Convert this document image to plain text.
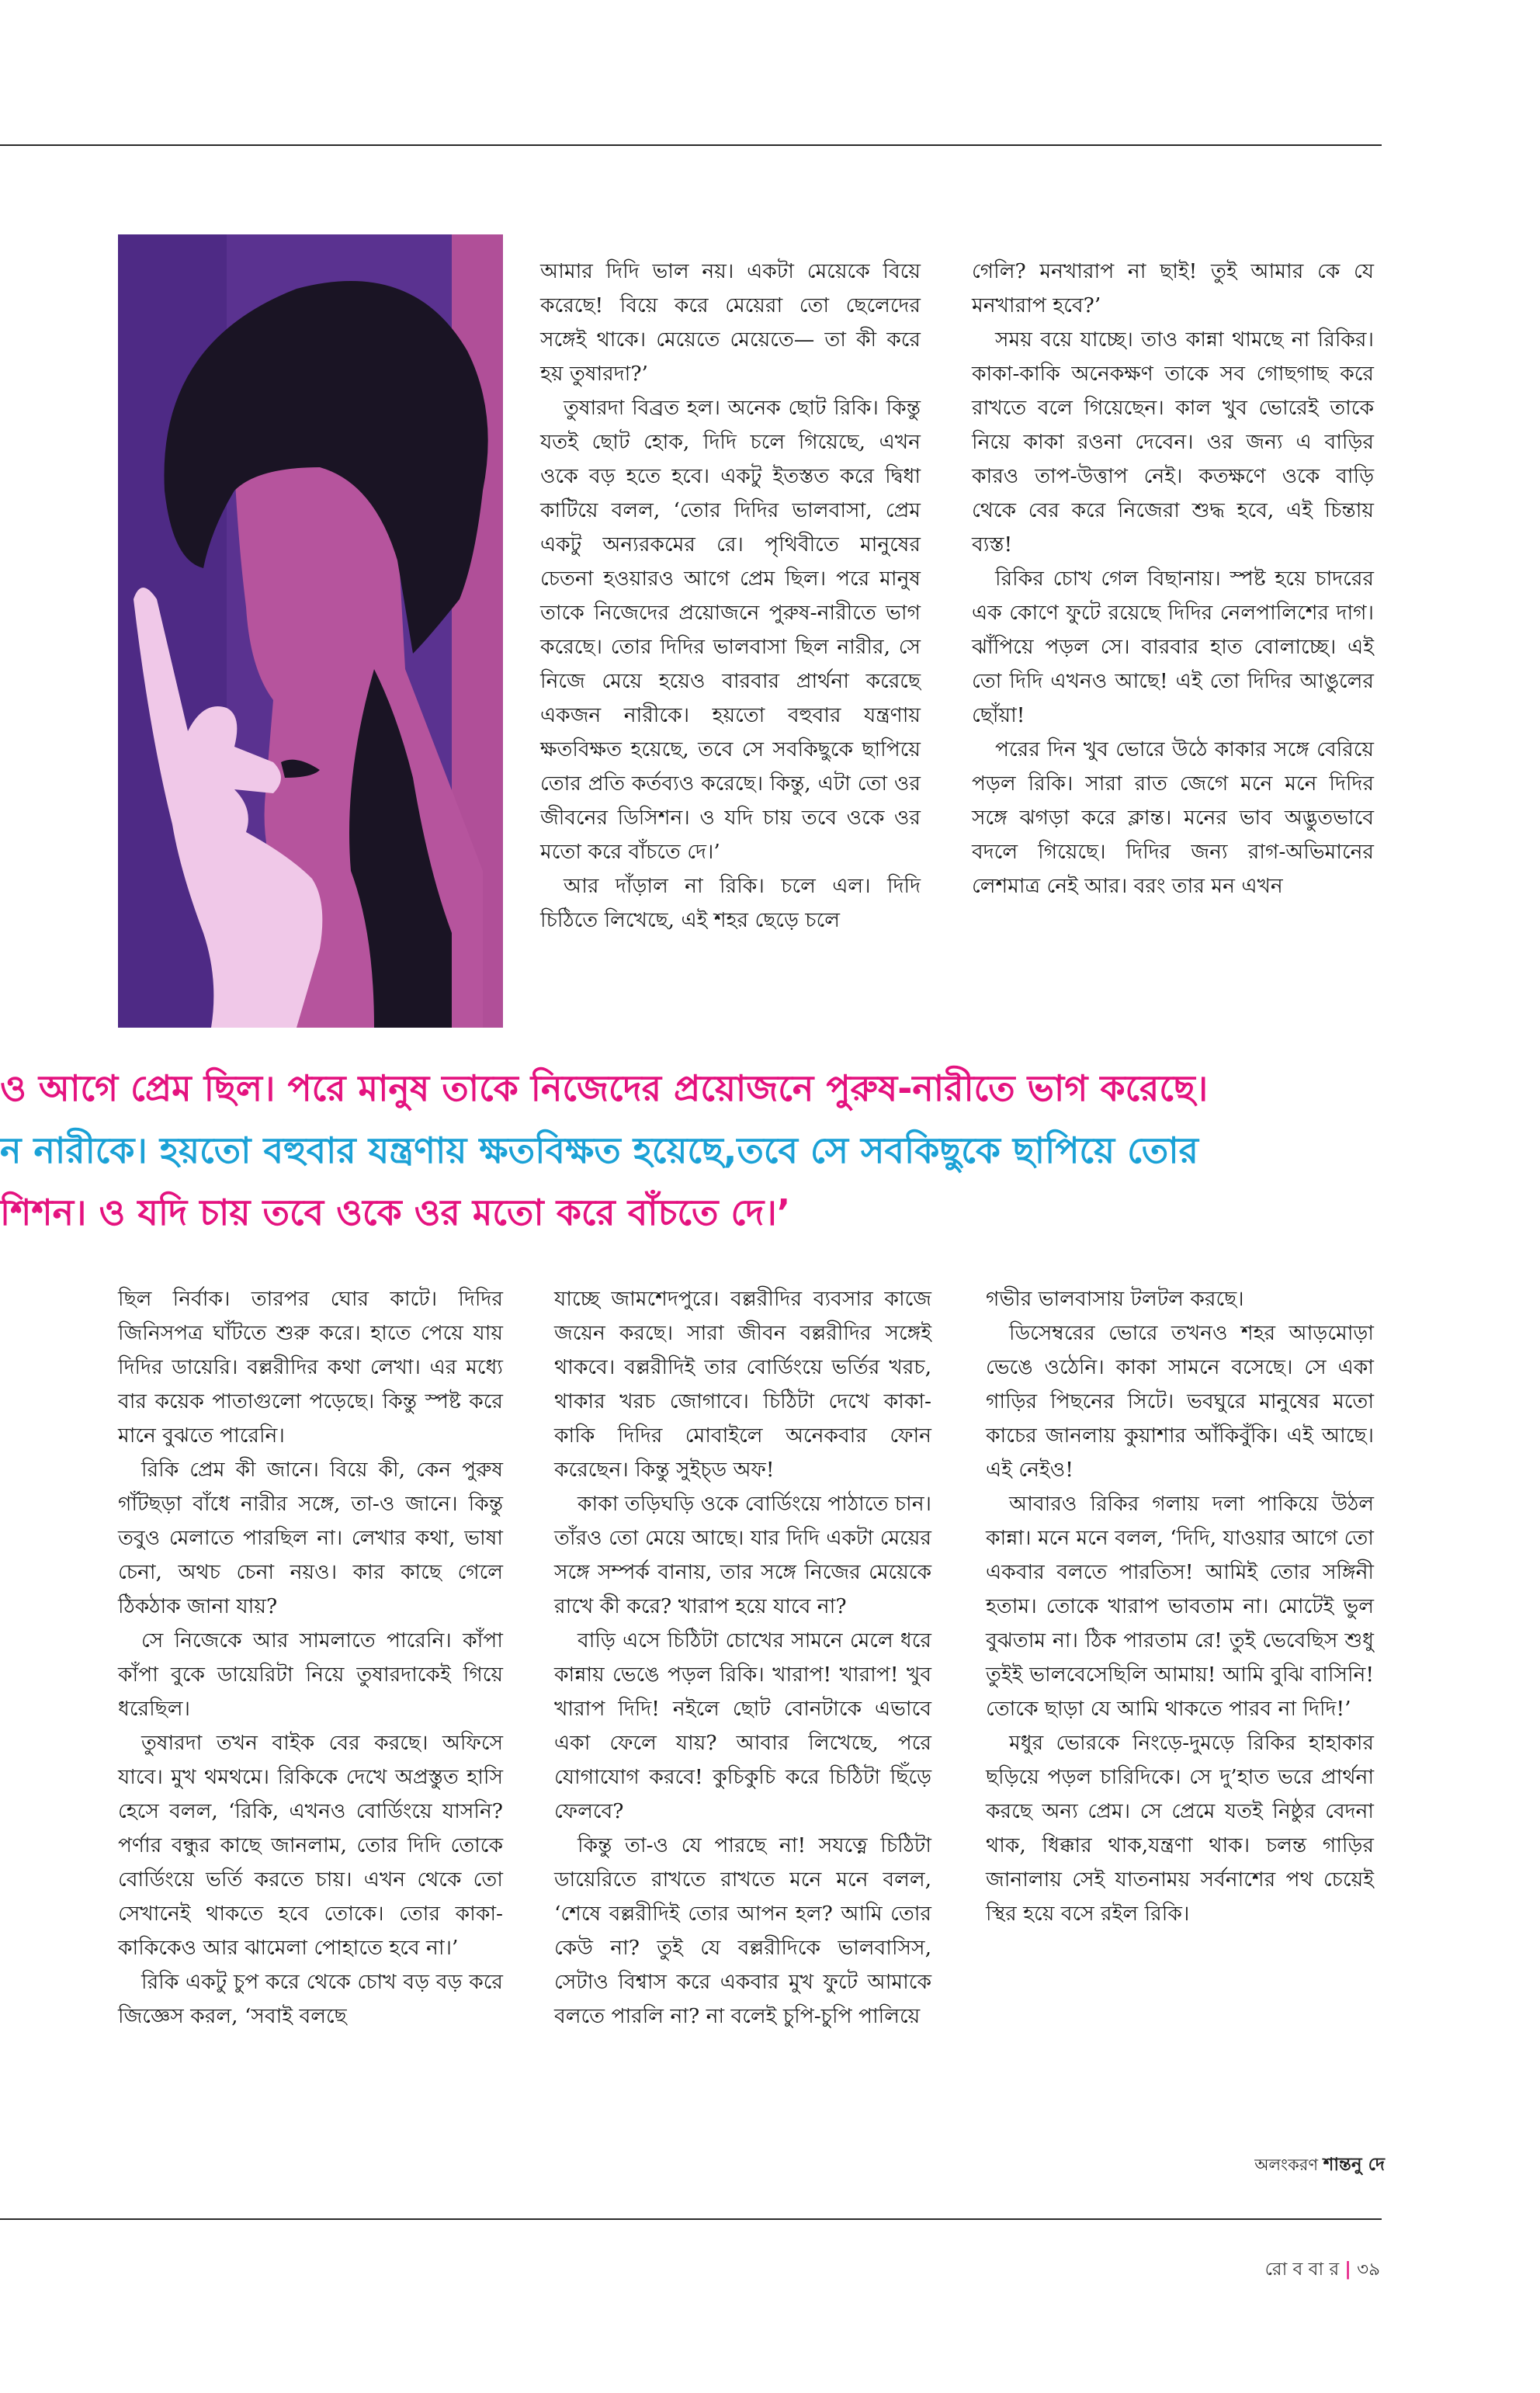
আমার দিদি ভাল নয়। একটা মেয়েকে বিয়ে করেছে! বিয়ে করে মেয়েরা তো ছেলেদের সঙ্গেই থাকে। মেয়েতে মেয়েতে— তা কী করে হয় তুষারদা?’

তুষারদা বিব্রত হল। অনেক ছোট রিকি। কিন্তু যতই ছোট হোক, দিদি চলে গিয়েছে, এখন ওকে বড় হতে হবে। একটু ইতস্তত করে দ্বিধা কাটিয়ে বলল, ‘তোর দিদির ভালবাসা, প্রেম একটু অন্যরকমের রে। পৃথিবীতে মানুষের চেতনা হওয়ারও আগে প্রেম ছিল। পরে মানুষ তাকে নিজেদের প্রয়োজনে পুরুষ-নারীতে ভাগ করেছে। তোর দিদির ভালবাসা ছিল নারীর, সে নিজে মেয়ে হয়েও বারবার প্রার্থনা করেছে একজন নারীকে। হয়তো বহুবার যন্ত্রণায় ক্ষতবিক্ষত হয়েছে, তবে সে সবকিছুকে ছাপিয়ে তোর প্রতি কর্তব্যও করেছে। কিন্তু, এটা তো ওর জীবনের ডিসিশন। ও যদি চায় তবে ওকে ওর মতো করে বাঁচতে দে।’

আর দাঁড়াল না রিকি। চলে এল। দিদি চিঠিতে লিখেছে, এই শহর ছেড়ে চলে

গেলি? মনখারাপ না ছাই! তুই আমার কে যে মনখারাপ হবে?’

সময় বয়ে যাচ্ছে। তাও কান্না থামছে না রিকির। কাকা-কাকি অনেকক্ষণ তাকে সব গোছগাছ করে রাখতে বলে গিয়েছেন। কাল খুব ভোরেই তাকে নিয়ে কাকা রওনা দেবেন। ওর জন্য এ বাড়ির কারও তাপ-উত্তাপ নেই। কতক্ষণে ওকে বাড়ি থেকে বের করে নিজেরা শুদ্ধ হবে, এই চিন্তায় ব্যস্ত!

রিকির চোখ গেল বিছানায়। স্পষ্ট হয়ে চাদরের এক কোণে ফুটে রয়েছে দিদির নেলপালিশের দাগ। ঝাঁপিয়ে পড়ল সে। বারবার হাত বোলাচ্ছে। এই তো দিদি এখনও আছে! এই তো দিদির আঙুলের ছোঁয়া!

পরের দিন খুব ভোরে উঠে কাকার সঙ্গে বেরিয়ে পড়ল রিকি। সারা রাত জেগে মনে মনে দিদির সঙ্গে ঝগড়া করে ক্লান্ত। মনের ভাব অদ্ভুতভাবে বদলে গিয়েছে। দিদির জন্য রাগ-অভিমানের লেশমাত্র নেই আর। বরং তার মন এখন

ও আগে প্রেম ছিল। পরে মানুষ তাকে নিজেদের প্রয়োজনে পুরুষ-নারীতে ভাগ করেছে।
ন নারীকে। হয়তো বহুবার যন্ত্রণায় ক্ষতবিক্ষত হয়েছে,তবে সে সবকিছুকে ছাপিয়ে তোর
শিশন। ও যদি চায় তবে ওকে ওর মতো করে বাঁচতে দে।’

ছিল নির্বাক। তারপর ঘোর কাটে। দিদির জিনিসপত্র ঘাঁটতে শুরু করে। হাতে পেয়ে যায় দিদির ডায়েরি। বল্লরীদির কথা লেখা। এর মধ্যে বার কয়েক পাতাগুলো পড়েছে। কিন্তু স্পষ্ট করে মানে বুঝতে পারেনি।

রিকি প্রেম কী জানে। বিয়ে কী, কেন পুরুষ গাঁটছড়া বাঁধে নারীর সঙ্গে, তা-ও জানে। কিন্তু তবুও মেলাতে পারছিল না। লেখার কথা, ভাষা চেনা, অথচ চেনা নয়ও। কার কাছে গেলে ঠিকঠাক জানা যায়?

সে নিজেকে আর সামলাতে পারেনি। কাঁপা কাঁপা বুকে ডায়েরিটা নিয়ে তুষারদাকেই গিয়ে ধরেছিল।

তুষারদা তখন বাইক বের করছে। অফিসে যাবে। মুখ থমথমে। রিকিকে দেখে অপ্রস্তুত হাসি হেসে বলল, ‘রিকি, এখনও বোর্ডিংয়ে যাসনি? পর্ণার বন্ধুর কাছে জানলাম, তোর দিদি তোকে বোর্ডিংয়ে ভর্তি করতে চায়। এখন থেকে তো সেখানেই থাকতে হবে তোকে। তোর কাকা-কাকিকেও আর ঝামেলা পোহাতে হবে না।’

রিকি একটু চুপ করে থেকে চোখ বড় বড় করে জিজ্ঞেস করল, ‘সবাই বলছে

যাচ্ছে জামশেদপুরে। বল্লরীদির ব্যবসার কাজে জয়েন করছে। সারা জীবন বল্লরীদির সঙ্গেই থাকবে। বল্লরীদিই তার বোর্ডিংয়ে ভর্তির খরচ, থাকার খরচ জোগাবে। চিঠিটা দেখে কাকা-কাকি দিদির মোবাইলে অনেকবার ফোন করেছেন। কিন্তু সুইচ্ড অফ!

কাকা তড়িঘড়ি ওকে বোর্ডিংয়ে পাঠাতে চান। তাঁরও তো মেয়ে আছে। যার দিদি একটা মেয়ের সঙ্গে সম্পর্ক বানায়, তার সঙ্গে নিজের মেয়েকে রাখে কী করে? খারাপ হয়ে যাবে না?

বাড়ি এসে চিঠিটা চোখের সামনে মেলে ধরে কান্নায় ভেঙে পড়ল রিকি। খারাপ! খারাপ! খুব খারাপ দিদি! নইলে ছোট বোনটাকে এভাবে একা ফেলে যায়? আবার লিখেছে, পরে যোগাযোগ করবে! কুচিকুচি করে চিঠিটা ছিঁড়ে ফেলবে?

কিন্তু তা-ও যে পারছে না! সযত্নে চিঠিটা ডায়েরিতে রাখতে রাখতে মনে মনে বলল, ‘শেষে বল্লরীদিই তোর আপন হল? আমি তোর কেউ না? তুই যে বল্লরীদিকে ভালবাসিস, সেটাও বিশ্বাস করে একবার মুখ ফুটে আমাকে বলতে পারলি না? না বলেই চুপি-চুপি পালিয়ে

গভীর ভালবাসায় টলটল করছে।

ডিসেম্বরের ভোরে তখনও শহর আড়মোড়া ভেঙে ওঠেনি। কাকা সামনে বসেছে। সে একা গাড়ির পিছনের সিটে। ভবঘুরে মানুষের মতো কাচের জানলায় কুয়াশার আঁকিবুঁকি। এই আছে। এই নেইও!

আবারও রিকির গলায় দলা পাকিয়ে উঠল কান্না। মনে মনে বলল, ‘দিদি, যাওয়ার আগে তো একবার বলতে পারতিস! আমিই তোর সঙ্গিনী হতাম। তোকে খারাপ ভাবতাম না। মোটেই ভুল বুঝতাম না। ঠিক পারতাম রে! তুই ভেবেছিস শুধু তুইই ভালবেসেছিলি আমায়! আমি বুঝি বাসিনি! তোকে ছাড়া যে আমি থাকতে পারব না দিদি!’

মধুর ভোরকে নিংড়ে-দুমড়ে রিকির হাহাকার ছড়িয়ে পড়ল চারিদিকে। সে দু’হাত ভরে প্রার্থনা করছে অন্য প্রেম। সে প্রেমে যতই নিষ্ঠুর বেদনা থাক, ধিক্কার থাক,যন্ত্রণা থাক। চলন্ত গাড়ির জানালায় সেই যাতনাময় সর্বনাশের পথ চেয়েই স্থির হয়ে বসে রইল রিকি।

অলংকরণ শান্তনু দে
রো ব বা র | ৩৯
